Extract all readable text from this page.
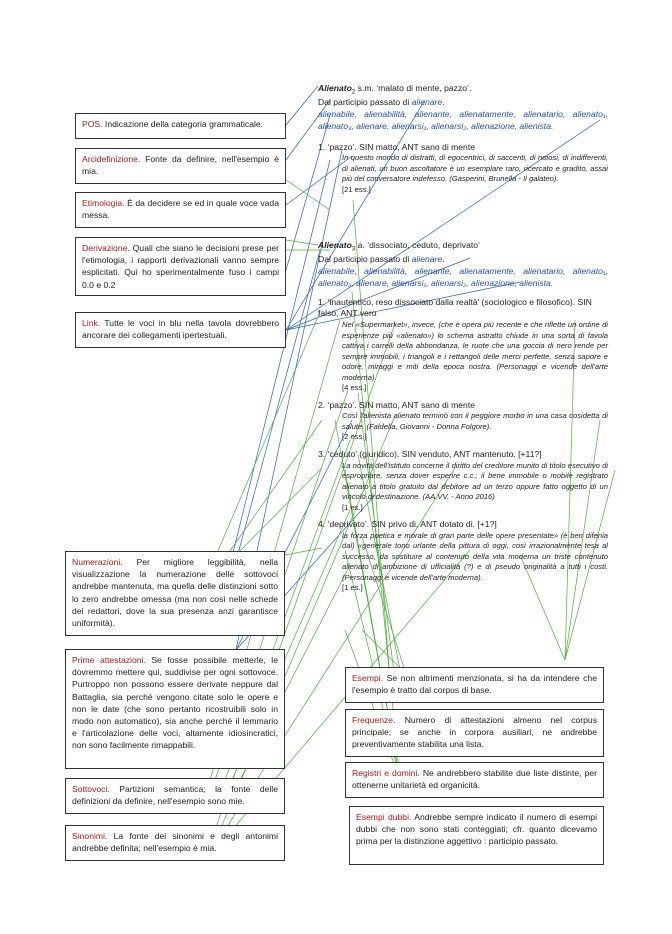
Alienato$_2$ s.m. ‘malato di mente, pazzo’.
Dal participio passato di alienare.
alienabile, alienabilità, alienante, alienatamente, alienatario, alienato₁, alienato₃, alienare, alienarsi₁, alienarsi₂, alienazione, alienista.
1. ‘pazzo’. SIN matto, ANT sano di mente
In questo mondo di distratti, di egocentrici, di saccenti, di noiosi, di indifferenti, di alienati, un buon ascoltatore è un esemplare raro, ricercato e gradito, assai più del conversatore indefesso. (Gasperini, Brunella - Il galateo).
[21 ess.]
Alienato$_3$ a. ‘dissociato, ceduto, deprivato’
Dal participio passato di alienare.
alienabile, alienabilità, alienante, alienatamente, alienatario, alienato₁, alienato₂, alienare, alienarsi₁, alienarsi₂, alienazione, alienista.
1. ‘inautentico, reso dissociato dalla realtà’ (sociologico e filosofico). SIN falso, ANT vero
Nel «Supermarket», invece, (che è opera più recente e che riflette un ordine di esperienze più «alienato») lo schema astratto chiude in una sorta di favola cattiva i carrelli della abbondanza, le ruote che una goccia di nero rende per sempre immobili, i triangoli e i rettangoli delle merci perfette, senza sapore e odore, miraggi e miti della epoca nostra. (Personaggi e vicende dell'arte moderna).
[4 ess.]
2. ‘pazzo’. SIN matto, ANT sano di mente
Così l'alienista alienato terminò con il peggiore morbo in una casa cosidetta di salute. (Faldella, Giovanni - Donna Folgore).
[2 ess.]
3. ‘ceduto’ (giuridico). SIN venduto, ANT mantenuto. [+11?]
La novità dell'istituto concerne il diritto del creditore munito di titolo esecutivo di espropriare, senza dover esperire c.c.; il bene immobile o mobile registrato alienato a titolo gratuito dal debitore ad un terzo oppure fatto oggetto di un vincolo di destinazione. (AA.VV. - Anno 2016)
[1 es.]
4. ‘deprivato’. SIN privo di, ANT dotato di. [+1?]
la forza poetica e morale di gran parte delle opere presentate» (è ben difenia dal) «generale tono urlante della pittura di oggi, così irrazionalmente tesa al successo, da sostituire al contenuto della vita moderna un triste contenuto alienato di ambizione di ufficialità (?) e di pseudo originalità a tutti i costi. (Personaggi e vicende dell'arte moderna).
[1 es.]
POS. Indicazione della categoria grammaticale.
Arcidefinizione. Fonte da definire, nell'esempio è mia.
Etimologia. È da decidere se ed in quale voce vada messa.
Derivazione. Quali che siano le decisioni prese per l'etimologia, i rapporti derivazionali vanno sempre esplicitati. Qui ho sperimentalmente fuso i campi 0.0 e 0.2
Link. Tutte le voci in blu nella tavola dovrebbero ancorare dei collegamenti ipertestuali.
Numerazioni. Per migliore leggibilità, nella visualizzazione la numerazione delle sottovoci andrebbe mantenuta, ma quella delle distinzioni sotto lo zero andrebbe omessa (ma non così nelle schede dei redattori, dove la sua presenza anzi garantisce uniformità).
Prime attestazioni. Se fosse possibile metterle, le dovremmo mettere qui, suddivise per ogni sottovoce. Purtroppo non possono essere derivate neppure dal Battaglia, sia perché vengono citate solo le opere e non le date (che sono pertanto ricostruibili solo in modo non automatico), sia anche perché il lemmario e l'articolazione delle voci, altamente idiosincratici, non sono facilmente rimappabili.
Sottovoci. Partizioni semantica; la fonte delle definizioni da definire, nell'esempio sono mie.
Sinonimi. La fonte dei sinonimi e degli antonimi andrebbe definita; nell'esempio è mia.
Esempi. Se non altrimenti menzionata, si ha da intendere che l'esempio è tratto dal corpus di base.
Frequenze. Numero di attestazioni almeno nel corpus principale; se anche in corpora ausiliari, ne andrebbe preventivamente stabilita una lista.
Registri e domini. Ne andrebbero stabilite due liste distinte, per ottenerne unitarietà ed organicità.
Esempi dubbi. Andrebbe sempre indicato il numero di esempi dubbi che non sono stati conteggiati; cfr. quanto dicevamo prima per la distinzione aggettivo : participio passato.
